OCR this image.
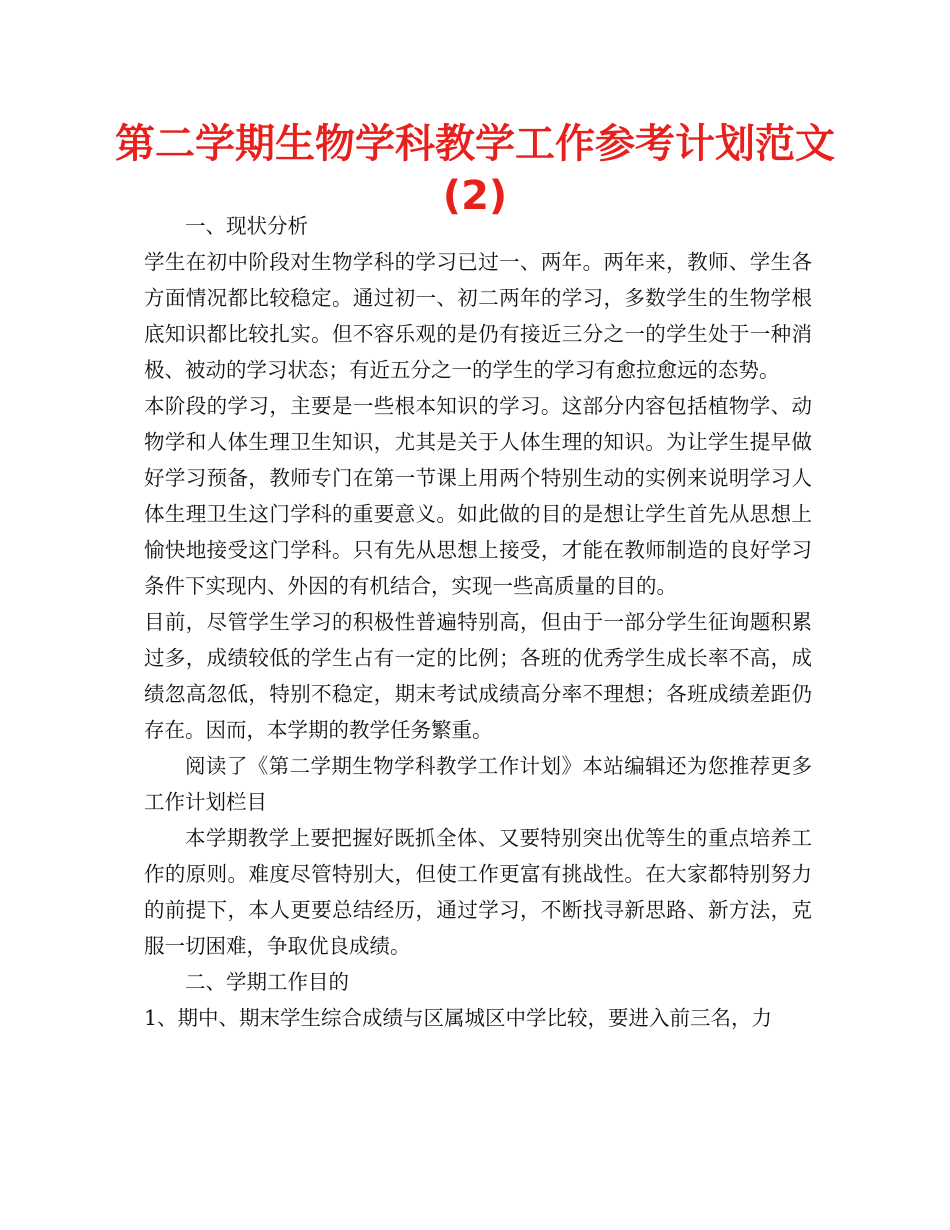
第二学期生物学科教学工作参考计划范文(2)

一、现状分析

学生在初中阶段对生物学科的学习已过一、两年。两年来，教师、学生各方面情况都比较稳定。通过初一、初二两年的学习，多数学生的生物学根底知识都比较扎实。但不容乐观的是仍有接近三分之一的学生处于一种消极、被动的学习状态；有近五分之一的学生的学习有愈拉愈远的态势。

本阶段的学习，主要是一些根本知识的学习。这部分内容包括植物学、动物学和人体生理卫生知识，尤其是关于人体生理的知识。为让学生提早做好学习预备，教师专门在第一节课上用两个特别生动的实例来说明学习人体生理卫生这门学科的重要意义。如此做的目的是想让学生首先从思想上愉快地接受这门学科。只有先从思想上接受，才能在教师制造的良好学习条件下实现内、外因的有机结合，实现一些高质量的目的。

目前，尽管学生学习的积极性普遍特别高，但由于一部分学生征询题积累过多，成绩较低的学生占有一定的比例；各班的优秀学生成长率不高，成绩忽高忽低，特别不稳定，期末考试成绩高分率不理想；各班成绩差距仍存在。因而，本学期的教学任务繁重。

阅读了《第二学期生物学科教学工作计划》本站编辑还为您推荐更多工作计划栏目

本学期教学上要把握好既抓全体、又要特别突出优等生的重点培养工作的原则。难度尽管特别大，但使工作更富有挑战性。在大家都特别努力的前提下，本人更要总结经历，通过学习，不断找寻新思路、新方法，克服一切困难，争取优良成绩。

二、学期工作目的

1、期中、期末学生综合成绩与区属城区中学比较，要进入前三名，力
